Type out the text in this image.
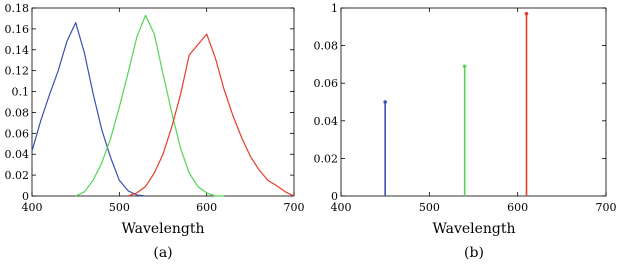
400	500	600	700
0
0.02
0.04
0.06
0.08
0.1
0.12
0.14
0.16
0.18
Wavelength
(a)
400	500	600	700
0
0.02
0.04
0.06
0.08
1
Wavelength
(b)
